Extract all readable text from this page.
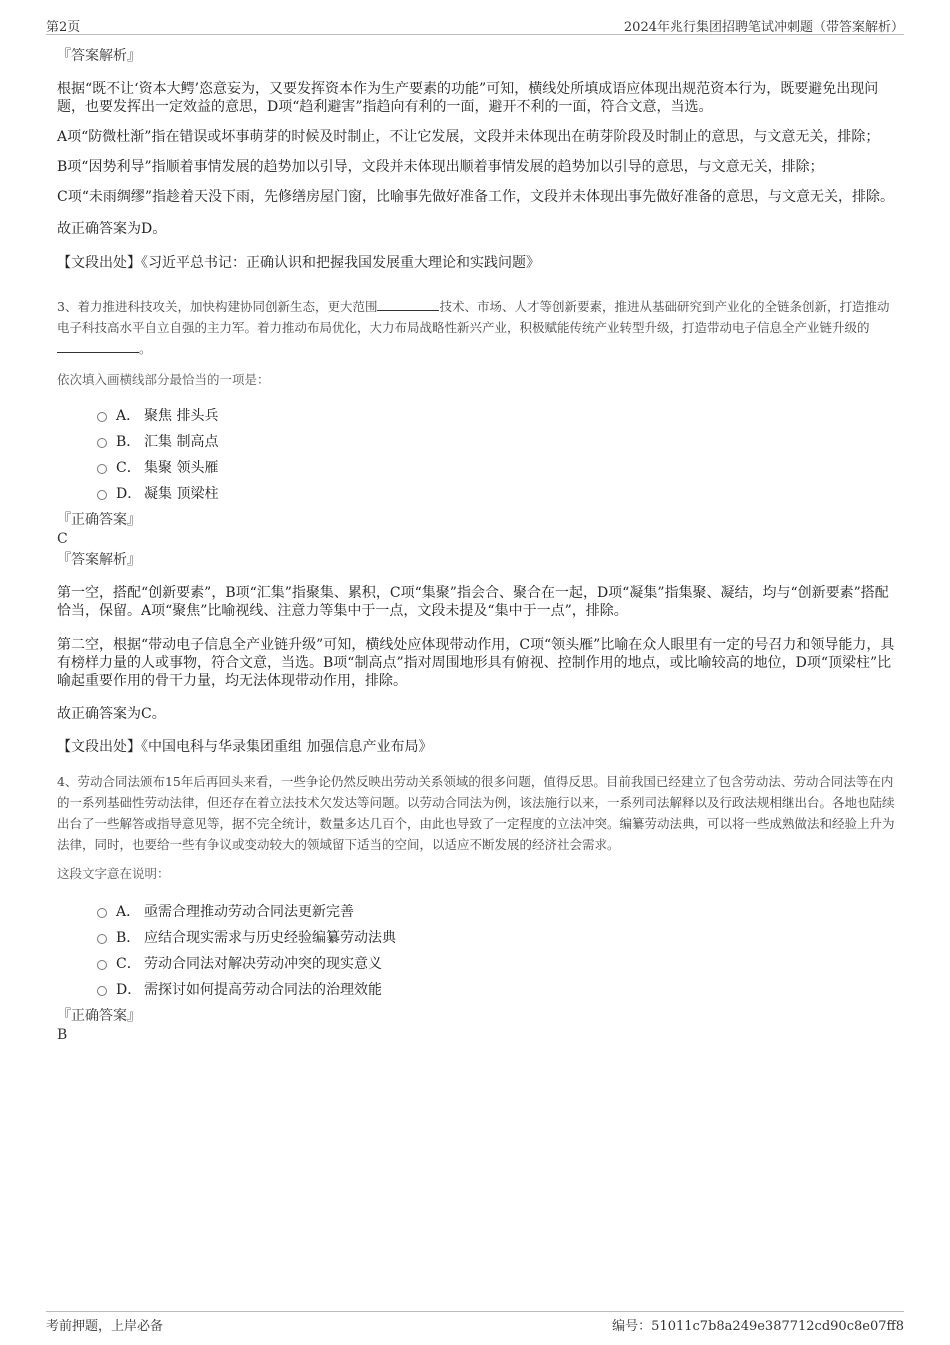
第2页	2024年兆行集团招聘笔试冲刺题（带答案解析）

『答案解析』

根据“既不让‘资本大鳄’恣意妄为，又要发挥资本作为生产要素的功能”可知，横线处所填成语应体现出规范资本行为，既要避免出现问题，也要发挥出一定效益的意思，D项“趋利避害”指趋向有利的一面，避开不利的一面，符合文意，当选。

A项“防微杜渐”指在错误或坏事萌芽的时候及时制止，不让它发展，文段并未体现出在萌芽阶段及时制止的意思，与文意无关，排除；

B项“因势利导”指顺着事情发展的趋势加以引导，文段并未体现出顺着事情发展的趋势加以引导的意思，与文意无关，排除；

C项“未雨绸缪”指趁着天没下雨，先修缮房屋门窗，比喻事先做好准备工作，文段并未体现出事先做好准备的意思，与文意无关，排除。

故正确答案为D。

【文段出处】《习近平总书记：正确认识和把握我国发展重大理论和实践问题》

3、着力推进科技攻关，加快构建协同创新生态，更大范围	技术、市场、人才等创新要素，推进从基础研究到产业化的全链条创新，打造推动电子科技高水平自立自强的主力军。着力推动布局优化，大力布局战略性新兴产业，积极赋能传统产业转型升级，打造带动电子信息全产业链升级的。

依次填入画横线部分最恰当的一项是：

A． 聚焦 排头兵
B． 汇集 制高点
C． 集聚 领头雁
D． 凝集 顶梁柱

『正确答案』

C

『答案解析』

第一空，搭配“创新要素”，B项“汇集”指聚集、累积，C项“集聚”指会合、聚合在一起，D项“凝集”指集聚、凝结，均与“创新要素”搭配恰当，保留。A项“聚焦”比喻视线、注意力等集中于一点，文段未提及“集中于一点”，排除。

第二空，根据“带动电子信息全产业链升级”可知，横线处应体现带动作用，C项“领头雁”比喻在众人眼里有一定的号召力和领导能力，具有榜样力量的人或事物，符合文意，当选。B项“制高点”指对周围地形具有俯视、控制作用的地点，或比喻较高的地位，D项“顶梁柱”比喻起重要作用的骨干力量，均无法体现带动作用，排除。

故正确答案为C。

【文段出处】《中国电科与华录集团重组 加强信息产业布局》

4、劳动合同法颁布15年后再回头来看，一些争论仍然反映出劳动关系领域的很多问题，值得反思。目前我国已经建立了包含劳动法、劳动合同法等在内的一系列基础性劳动法律，但还存在着立法技术欠发达等问题。以劳动合同法为例，该法施行以来，一系列司法解释以及行政法规相继出台。各地也陆续出台了一些解答或指导意见等，据不完全统计，数量多达几百个，由此也导致了一定程度的立法冲突。编纂劳动法典，可以将一些成熟做法和经验上升为法律，同时，也要给一些有争议或变动较大的领域留下适当的空间，以适应不断发展的经济社会需求。

这段文字意在说明：

A． 亟需合理推动劳动合同法更新完善
B． 应结合现实需求与历史经验编纂劳动法典
C． 劳动合同法对解决劳动冲突的现实意义
D． 需探讨如何提高劳动合同法的治理效能

『正确答案』

B

考前押题，上岸必备	编号：51011c7b8a249e387712cd90c8e07ff8
